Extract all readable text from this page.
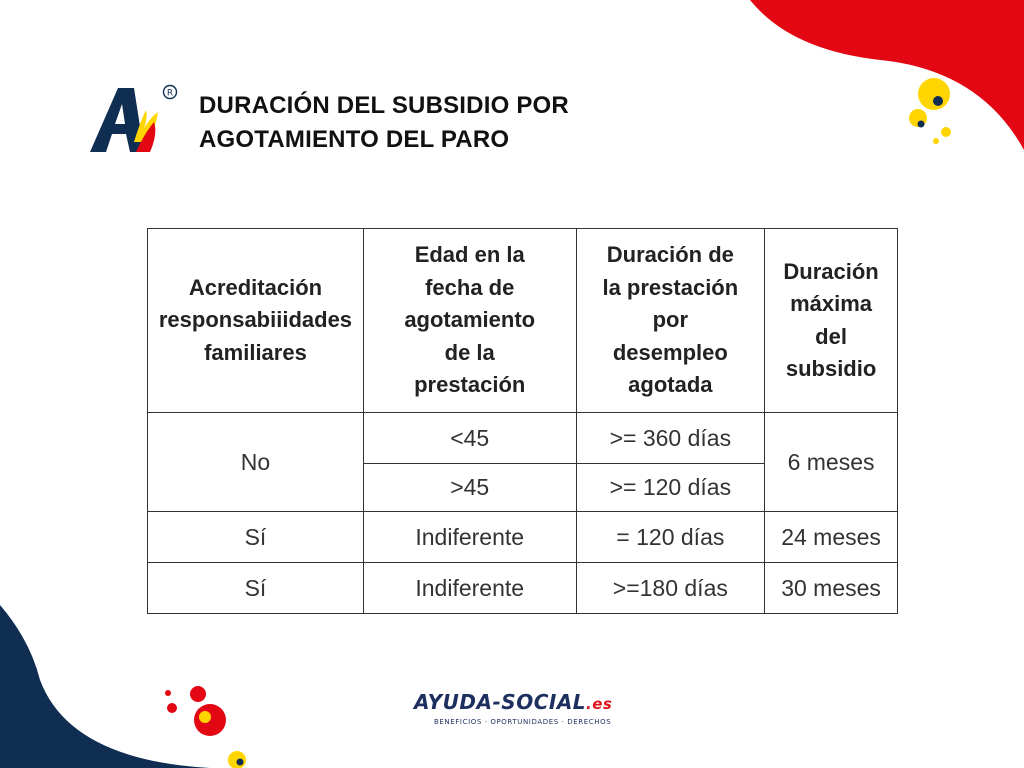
R DURACIÓN DEL SUBSIDIO POR
AGOTAMIENTO DEL PARO
Acreditación
responsabiiidades
familiares	Edad en la
fecha de
agotamiento
de la
prestación	Duración de
la prestación
por
desempleo
agotada	Duración
máxima
del
subsidio

No	<45	>= 360 días	6 meses
	>45	>= 120 días	
Sí	Indiferente	= 120 días	24 meses
Sí	Indiferente	>=180 días	30 meses
AYUDA-SOCIAL.es
BENEFICIOS · OPORTUNIDADES · DERECHOS
